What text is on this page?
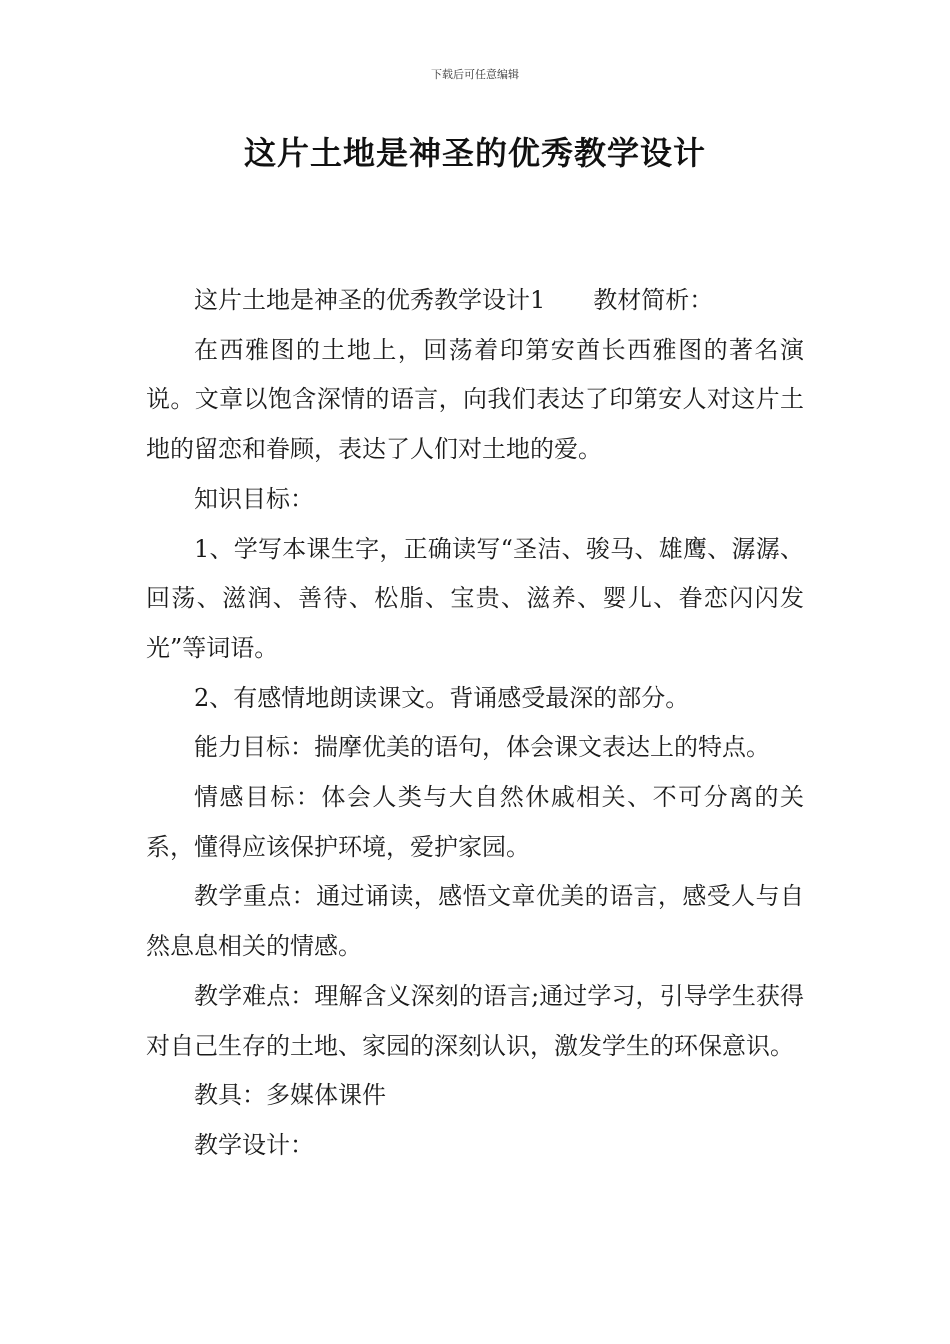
下载后可任意编辑
这片土地是神圣的优秀教学设计

这片土地是神圣的优秀教学设计1　　教材简析：

在西雅图的土地上，回荡着印第安酋长西雅图的著名演说。文章以饱含深情的语言，向我们表达了印第安人对这片土地的留恋和眷顾，表达了人们对土地的爱。

知识目标：

1、学写本课生字，正确读写“圣洁、骏马、雄鹰、潺潺、回荡、滋润、善待、松脂、宝贵、滋养、婴儿、眷恋闪闪发光”等词语。

2、有感情地朗读课文。背诵感受最深的部分。

能力目标：揣摩优美的语句，体会课文表达上的特点。

情感目标：体会人类与大自然休戚相关、不可分离的关系，懂得应该保护环境，爱护家园。

教学重点：通过诵读，感悟文章优美的语言，感受人与自然息息相关的情感。

教学难点：理解含义深刻的语言;通过学习，引导学生获得对自己生存的土地、家园的深刻认识，激发学生的环保意识。

教具：多媒体课件

教学设计：
